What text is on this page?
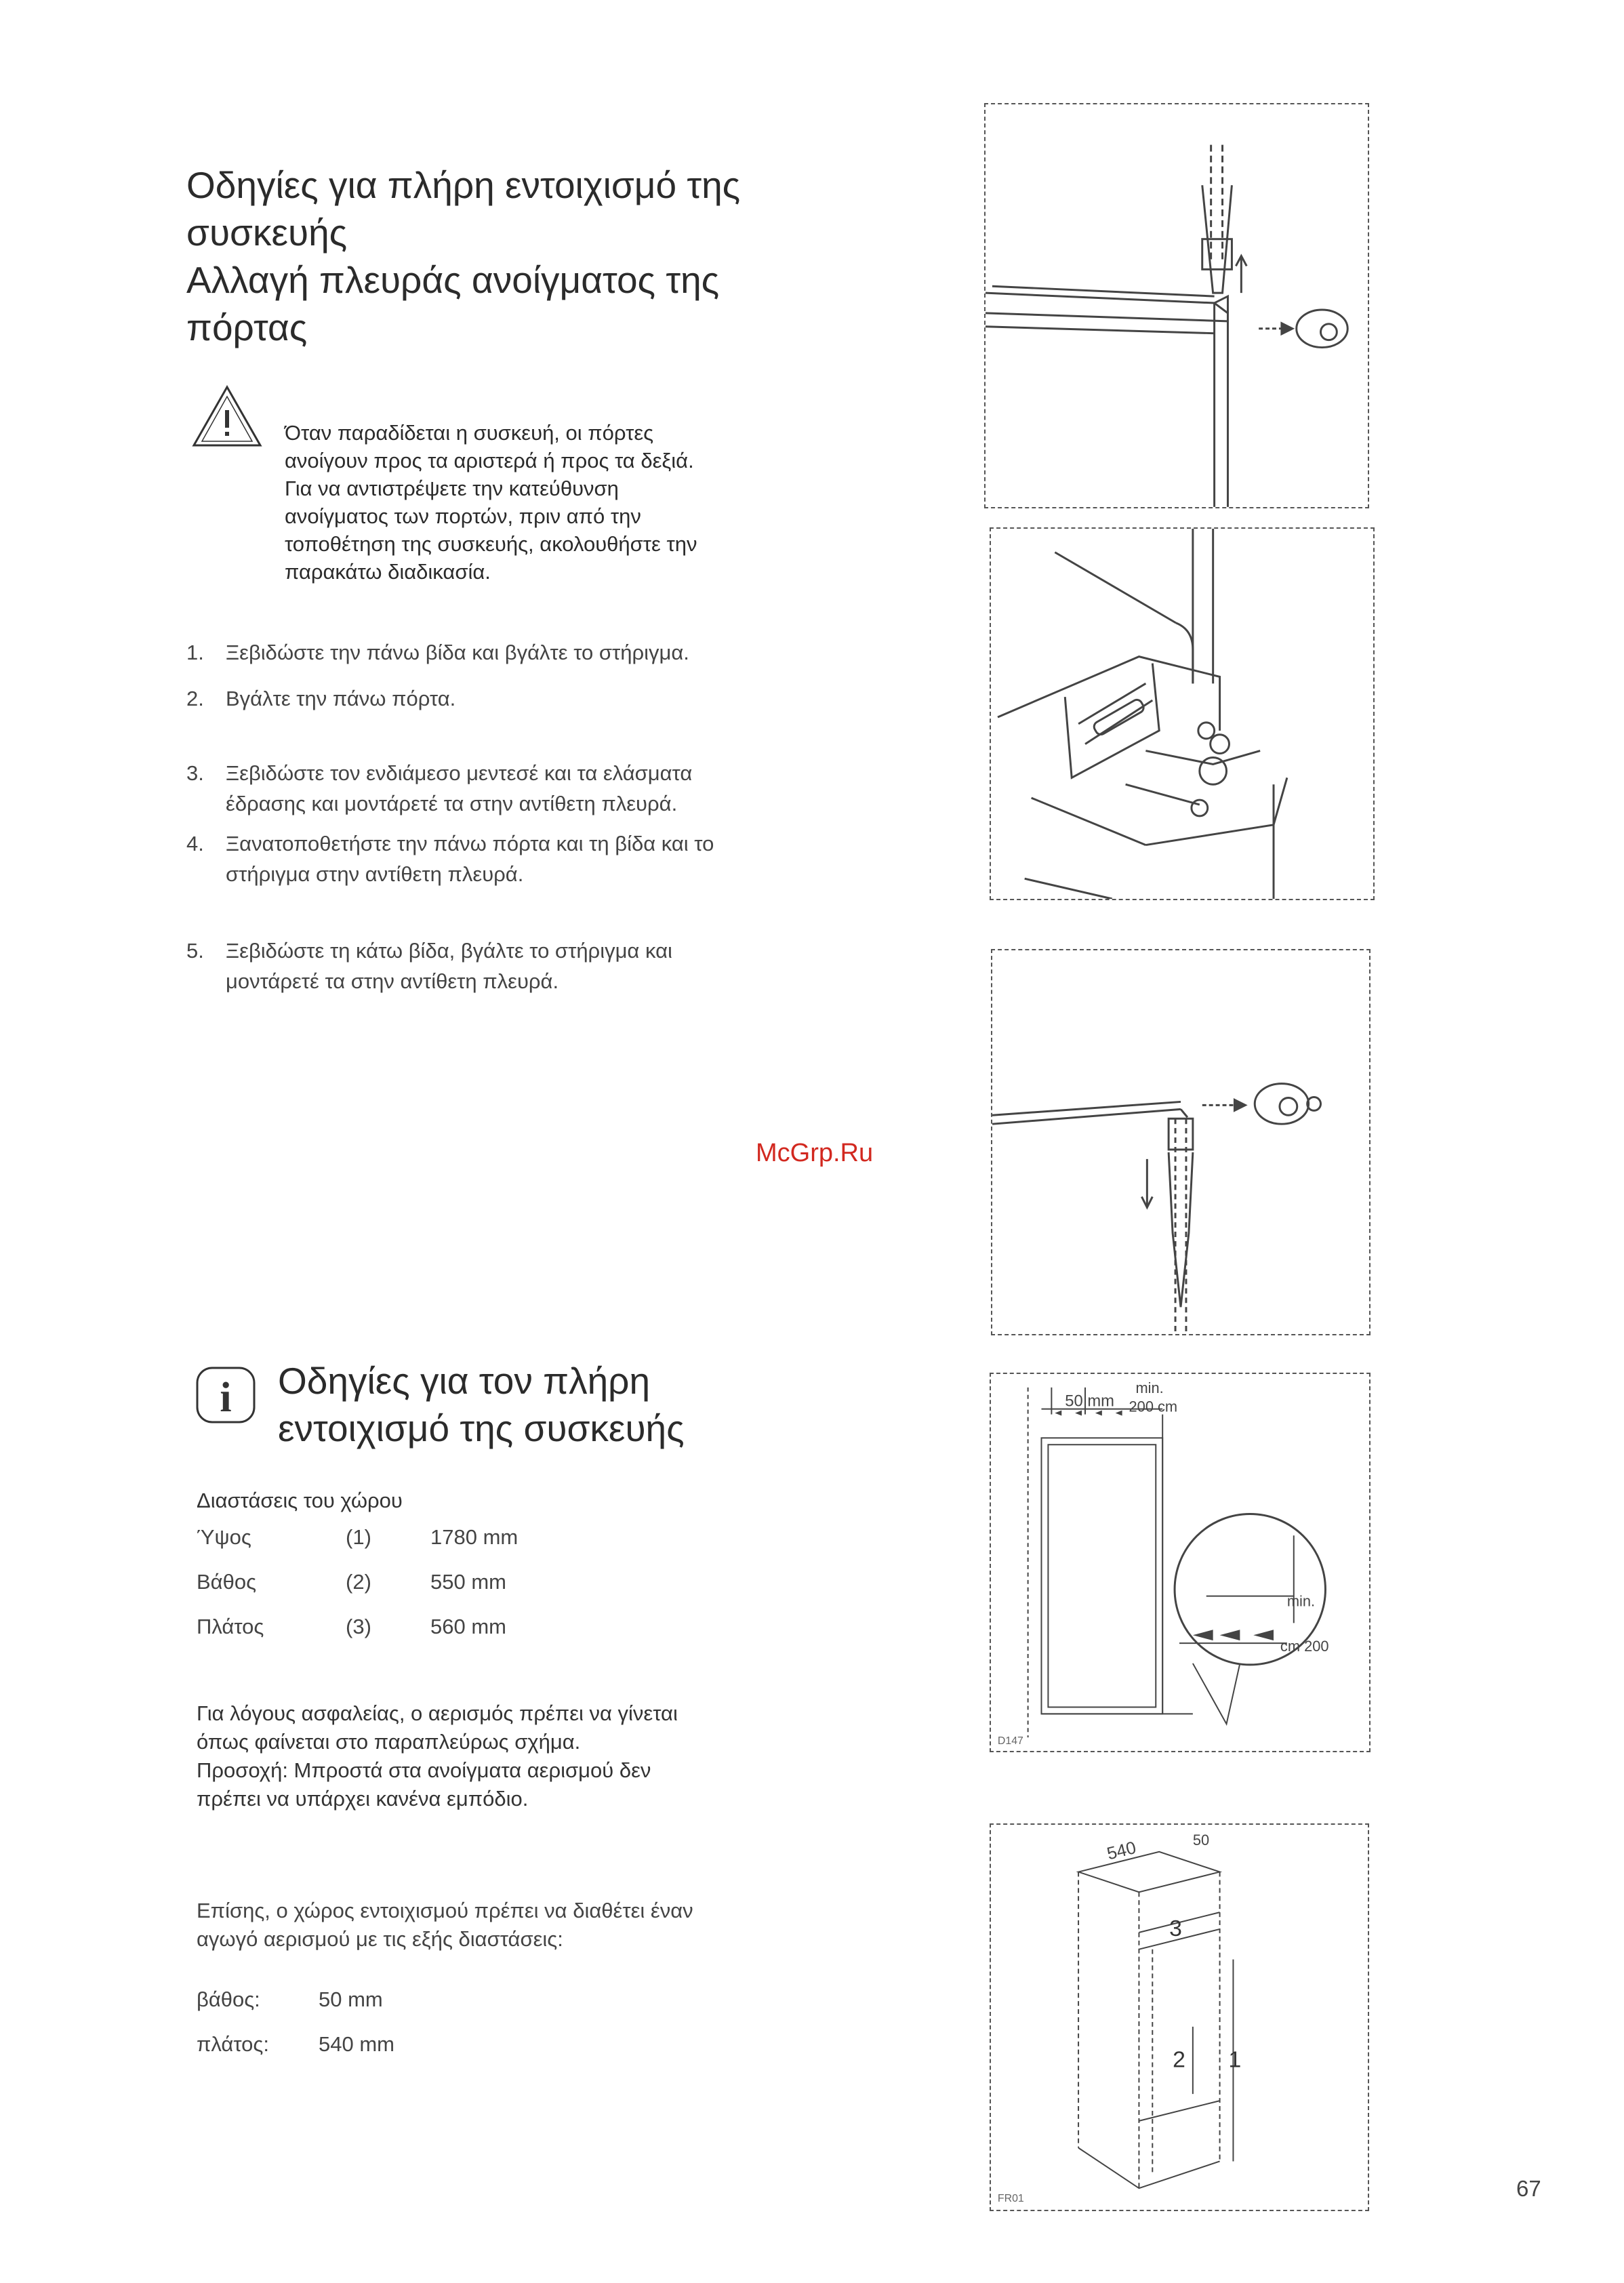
Οδηγίες για πλήρη εντοιχισμό της
συσκευής
Αλλαγή πλευράς ανοίγματος της
πόρτας
Όταν παραδίδεται η συσκευή, οι πόρτες
ανοίγουν προς τα αριστερά ή προς τα δεξιά.
Για να αντιστρέψετε την κατεύθυνση
ανοίγματος των πορτών, πριν από την
τοποθέτηση της συσκευής, ακολουθήστε την
παρακάτω διαδικασία.
1. Ξεβιδώστε την πάνω βίδα και βγάλτε το στήριγμα.
2. Βγάλτε την πάνω πόρτα.
3. Ξεβιδώστε τον ενδιάμεσο μεντεσέ και τα ελάσματα
έδρασης και μοντάρετέ τα στην αντίθετη πλευρά.
4. Ξανατοποθετήστε την πάνω πόρτα και τη βίδα και το
στήριγμα στην αντίθετη πλευρά.
5. Ξεβιδώστε τη κάτω βίδα, βγάλτε το στήριγμα και
μοντάρετέ τα στην αντίθετη πλευρά.
McGrp.Ru
i Οδηγίες για τον πλήρη
εντοιχισμό της συσκευής
Διαστάσεις του χώρου
Ύψος	(1)	1780 mm
Βάθος	(2)	550 mm
Πλάτος	(3)	560 mm
Για λόγους ασφαλείας, ο αερισμός πρέπει να γίνεται
όπως φαίνεται στο παραπλεύρως σχήμα.
Προσοχή: Μπροστά στα ανοίγματα αερισμού δεν
πρέπει να υπάρχει κανένα εμπόδιο.
Επίσης, ο χώρος εντοιχισμού πρέπει να διαθέτει έναν
αγωγό αερισμού με τις εξής διαστάσεις:
βάθος:	50 mm
πλάτος: 540 mm
67
50 mm
min.
200 cm
min.
cm 200
D147
540	50
3
2 1
FR01
